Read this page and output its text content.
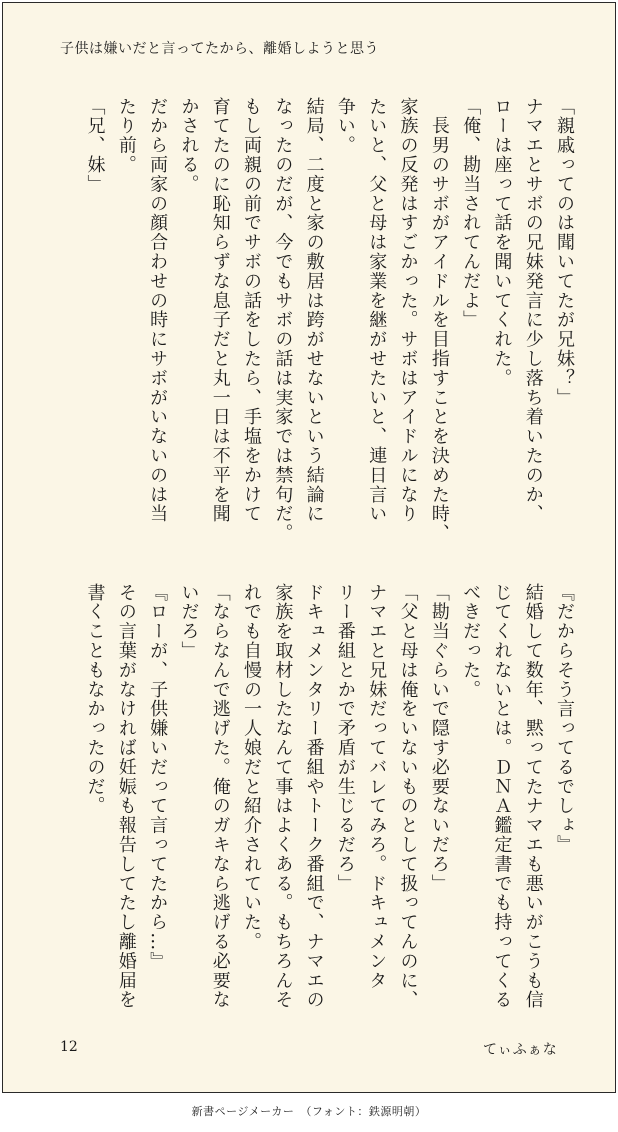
子供は嫌いだと言ってたから、離婚しようと思う
「親戚ってのは聞いてたが兄妹？」
ナマエとサボの兄妹発言に少し落ち着いたのか、
ローは座って話を聞いてくれた。
「俺、勘当されてんだよ」
　長男のサボがアイドルを目指すことを決めた時、
家族の反発はすごかった。サボはアイドルになり
たいと、父と母は家業を継がせたいと、連日言い
争い。
結局、二度と家の敷居は跨がせないという結論に
なったのだが、今でもサボの話は実家では禁句だ。
もし両親の前でサボの話をしたら、手塩をかけて
育てたのに恥知らずな息子だと丸一日は不平を聞
かされる。
だから両家の顔合わせの時にサボがいないのは当
たり前。
「兄、妹」
『だからそう言ってるでしょ』
結婚して数年、黙ってたナマエも悪いがこうも信
じてくれないとは。ＤＮＡ鑑定書でも持ってくる
べきだった。
「勘当ぐらいで隠す必要ないだろ」
「父と母は俺をいないものとして扱ってんのに、
ナマエと兄妹だってバレてみろ。ドキュメンタ
リー番組とかで矛盾が生じるだろ」
ドキュメンタリー番組やトーク番組で、ナマエの
家族を取材したなんて事はよくある。もちろんそ
れでも自慢の一人娘だと紹介されていた。
「ならなんで逃げた。俺のガキなら逃げる必要な
いだろ」
『ローが、子供嫌いだって言ってたから…』
その言葉がなければ妊娠も報告してたし離婚届を
書くこともなかったのだ。
12	てぃふぁな
新書ページメーカー　（フォント：鉄源明朝）
